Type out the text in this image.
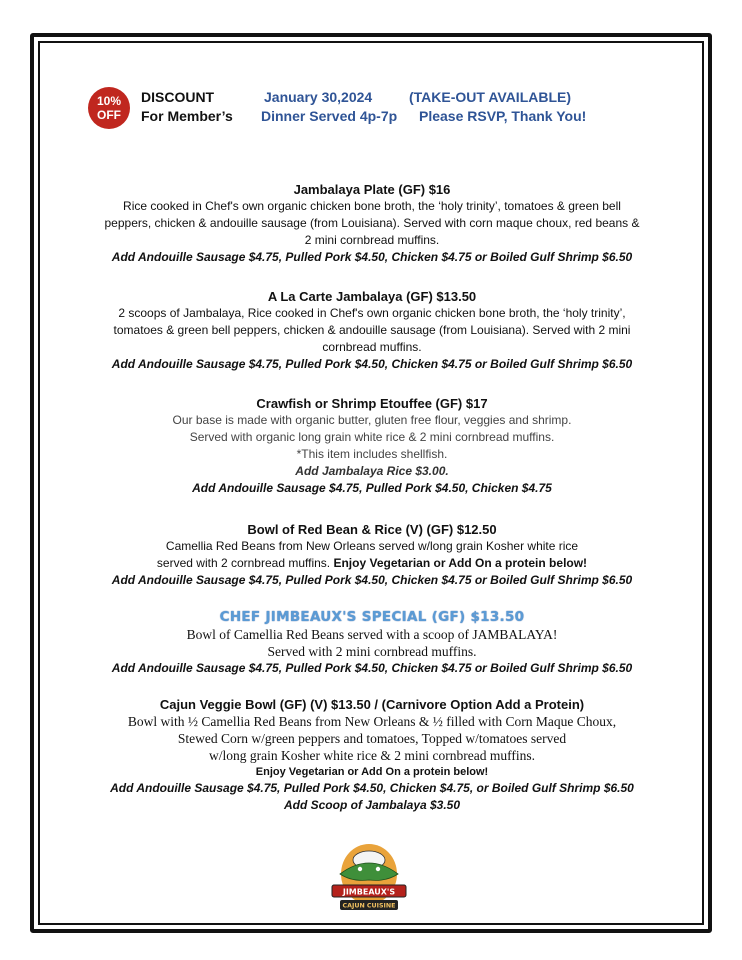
10%
OFF
DISCOUNT
For Member’s
January 30,2024
Dinner Served 4p-7p
(TAKE-OUT AVAILABLE)
Please RSVP, Thank You!
Jambalaya Plate (GF) $16
Rice cooked in Chef's own organic chicken bone broth, the ‘holy trinity’, tomatoes & green bell
peppers, chicken & andouille sausage (from Louisiana). Served with corn maque choux, red beans &
2 mini cornbread muffins.
Add Andouille Sausage $4.75, Pulled Pork $4.50, Chicken $4.75 or Boiled Gulf Shrimp $6.50
A La Carte Jambalaya (GF) $13.50
2 scoops of Jambalaya, Rice cooked in Chef's own organic chicken bone broth, the ‘holy trinity’,
tomatoes & green bell peppers, chicken & andouille sausage (from Louisiana). Served with 2 mini
cornbread muffins.
Add Andouille Sausage $4.75, Pulled Pork $4.50, Chicken $4.75 or Boiled Gulf Shrimp $6.50
Crawfish or Shrimp Etouffee (GF) $17
Our base is made with organic butter, gluten free flour, veggies and shrimp.
Served with organic long grain white rice & 2 mini cornbread muffins.
*This item includes shellfish.
Add Jambalaya Rice $3.00.
Add Andouille Sausage $4.75, Pulled Pork $4.50, Chicken $4.75
Bowl of Red Bean & Rice (V) (GF) $12.50
Camellia Red Beans from New Orleans served w/long grain Kosher white rice
served with 2 cornbread muffins. Enjoy Vegetarian or Add On a protein below!
Add Andouille Sausage $4.75, Pulled Pork $4.50, Chicken $4.75 or Boiled Gulf Shrimp $6.50
CHEF JIMBEAUX'S SPECIAL (GF) $13.50
Bowl of Camellia Red Beans served with a scoop of JAMBALAYA!
Served with 2 mini cornbread muffins.
Add Andouille Sausage $4.75, Pulled Pork $4.50, Chicken $4.75 or Boiled Gulf Shrimp $6.50
Cajun Veggie Bowl (GF) (V) $13.50 / (Carnivore Option Add a Protein)
Bowl with ½ Camellia Red Beans from New Orleans & ½ filled with Corn Maque Choux,
Stewed Corn w/green peppers and tomatoes, Topped w/tomatoes served
w/long grain Kosher white rice & 2 mini cornbread muffins.
Enjoy Vegetarian or Add On a protein below!
Add Andouille Sausage $4.75, Pulled Pork $4.50, Chicken $4.75, or Boiled Gulf Shrimp $6.50
Add Scoop of Jambalaya $3.50
JIMBEAUX'S
CAJUN CUISINE
